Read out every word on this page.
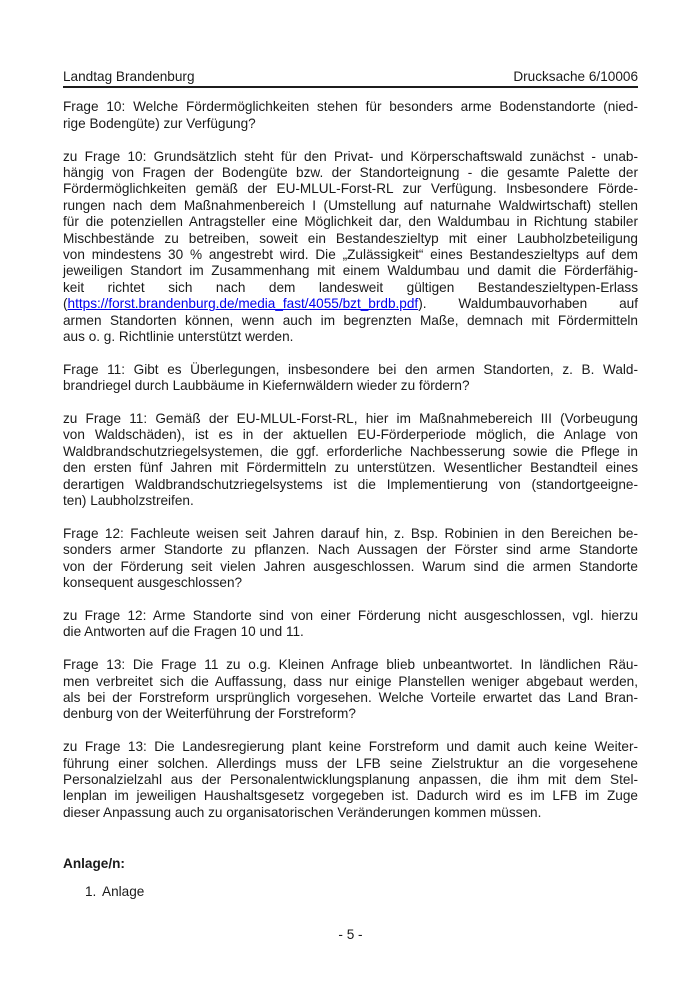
Landtag Brandenburg	Drucksache 6/10006
Frage 10: Welche Fördermöglichkeiten stehen für besonders arme Bodenstandorte (nied-
rige Bodengüte) zur Verfügung?
zu Frage 10: Grundsätzlich steht für den Privat- und Körperschaftswald zunächst - unab-
hängig von Fragen der Bodengüte bzw. der Standorteignung - die gesamte Palette der
Fördermöglichkeiten gemäß der EU-MLUL-Forst-RL zur Verfügung. Insbesondere Förde-
rungen nach dem Maßnahmenbereich I (Umstellung auf naturnahe Waldwirtschaft) stellen
für die potenziellen Antragsteller eine Möglichkeit dar, den Waldumbau in Richtung stabiler
Mischbestände zu betreiben, soweit ein Bestandeszieltyp mit einer Laubholzbeteiligung
von mindestens 30 % angestrebt wird. Die „Zulässigkeit“ eines Bestandeszieltyps auf dem
jeweiligen Standort im Zusammenhang mit einem Waldumbau und damit die Förderfähig-
keit richtet sich nach dem landesweit gültigen Bestandeszieltypen-Erlass
(https://forst.brandenburg.de/media_fast/4055/bzt_brdb.pdf). Waldumbauvorhaben auf
armen Standorten können, wenn auch im begrenzten Maße, demnach mit Fördermitteln
aus o. g. Richtlinie unterstützt werden.
Frage 11: Gibt es Überlegungen, insbesondere bei den armen Standorten, z. B. Wald-
brandriegel durch Laubbäume in Kiefernwäldern wieder zu fördern?
zu Frage 11: Gemäß der EU-MLUL-Forst-RL, hier im Maßnahmebereich III (Vorbeugung
von Waldschäden), ist es in der aktuellen EU-Förderperiode möglich, die Anlage von
Waldbrandschutzriegelsystemen, die ggf. erforderliche Nachbesserung sowie die Pflege in
den ersten fünf Jahren mit Fördermitteln zu unterstützen. Wesentlicher Bestandteil eines
derartigen Waldbrandschutzriegelsystems ist die Implementierung von (standortgeeigne-
ten) Laubholzstreifen.
Frage 12: Fachleute weisen seit Jahren darauf hin, z. Bsp. Robinien in den Bereichen be-
sonders armer Standorte zu pflanzen. Nach Aussagen der Förster sind arme Standorte
von der Förderung seit vielen Jahren ausgeschlossen. Warum sind die armen Standorte
konsequent ausgeschlossen?
zu Frage 12: Arme Standorte sind von einer Förderung nicht ausgeschlossen, vgl. hierzu
die Antworten auf die Fragen 10 und 11.
Frage 13: Die Frage 11 zu o.g. Kleinen Anfrage blieb unbeantwortet. In ländlichen Räu-
men verbreitet sich die Auffassung, dass nur einige Planstellen weniger abgebaut werden,
als bei der Forstreform ursprünglich vorgesehen. Welche Vorteile erwartet das Land Bran-
denburg von der Weiterführung der Forstreform?
zu Frage 13: Die Landesregierung plant keine Forstreform und damit auch keine Weiter-
führung einer solchen. Allerdings muss der LFB seine Zielstruktur an die vorgesehene
Personalzielzahl aus der Personalentwicklungsplanung anpassen, die ihm mit dem Stel-
lenplan im jeweiligen Haushaltsgesetz vorgegeben ist. Dadurch wird es im LFB im Zuge
dieser Anpassung auch zu organisatorischen Veränderungen kommen müssen.
Anlage/n:
1. Anlage
- 5 -
